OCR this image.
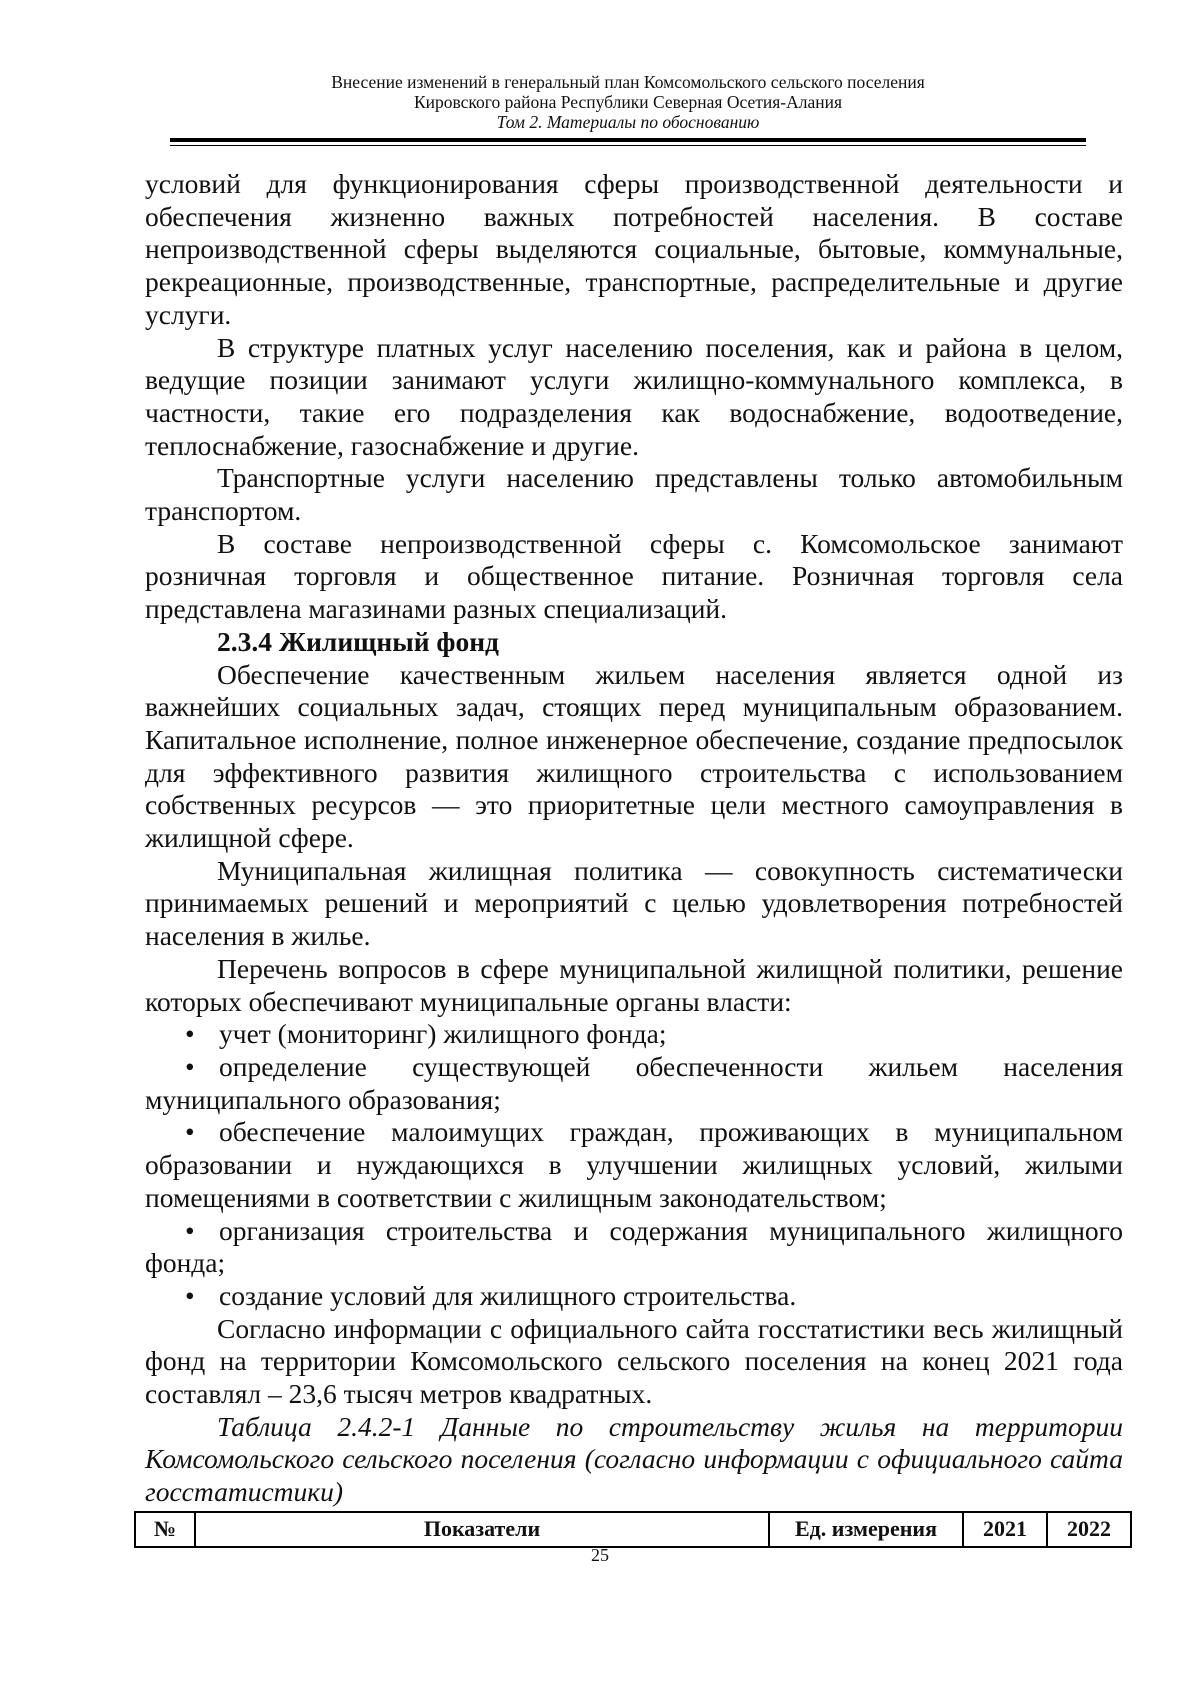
Внесение изменений в генеральный план Комсомольского сельского поселения
Кировского района Республики Северная Осетия-Алания
Том 2. Материалы по обоснованию

условий для функционирования сферы производственной деятельности и обеспечения жизненно важных потребностей населения. В составе непроизводственной сферы выделяются социальные, бытовые, коммунальные, рекреационные, производственные, транспортные, распределительные и другие услуги.

В структуре платных услуг населению поселения, как и района в целом, ведущие позиции занимают услуги жилищно-коммунального комплекса, в частности, такие его подразделения как водоснабжение, водоотведение, теплоснабжение, газоснабжение и другие.

Транспортные услуги населению представлены только автомобильным транспортом.

В составе непроизводственной сферы с. Комсомольское занимают розничная торговля и общественное питание. Розничная торговля села представлена магазинами разных специализаций.

2.3.4 Жилищный фонд

Обеспечение качественным жильем населения является одной из важнейших социальных задач, стоящих перед муниципальным образованием. Капитальное исполнение, полное инженерное обеспечение, создание предпосылок для эффективного развития жилищного строительства с использованием собственных ресурсов — это приоритетные цели местного самоуправления в жилищной сфере.

Муниципальная жилищная политика — совокупность систематически принимаемых решений и мероприятий с целью удовлетворения потребностей населения в жилье.

Перечень вопросов в сфере муниципальной жилищной политики, решение которых обеспечивают муниципальные органы власти:

• учет (мониторинг) жилищного фонда;

• определение существующей обеспеченности жильем населения муниципального образования;

• обеспечение малоимущих граждан, проживающих в муниципальном образовании и нуждающихся в улучшении жилищных условий, жилыми помещениями в соответствии с жилищным законодательством;

• организация строительства и содержания муниципального жилищного фонда;

• создание условий для жилищного строительства.

Согласно информации с официального сайта госстатистики весь жилищный фонд на территории Комсомольского сельского поселения на конец 2021 года составлял – 23,6 тысяч метров квадратных.

Таблица 2.4.2-1 Данные по строительству жилья на территории Комсомольского сельского поселения (согласно информации с официального сайта госстатистики)

№	Показатели	Ед. измерения	2021	2022
25
